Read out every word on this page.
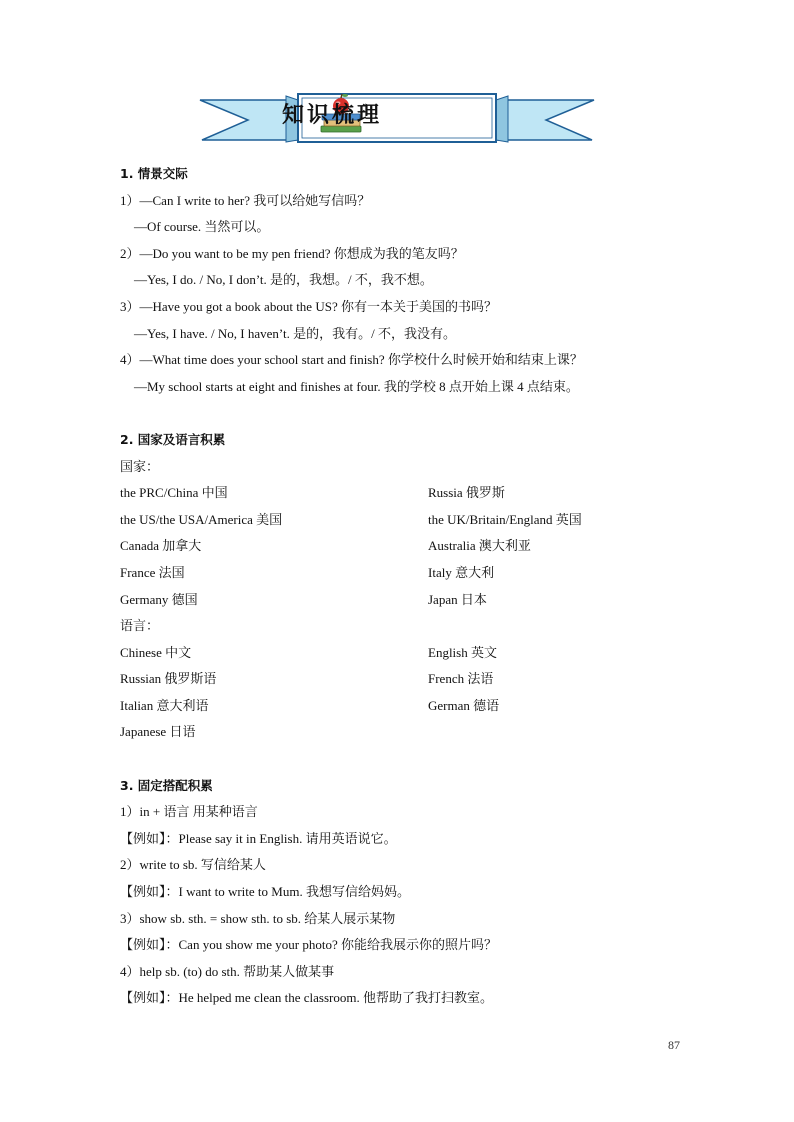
知识梳理
1. 情景交际
1）—Can I write to her? 我可以给她写信吗？
—Of course. 当然可以。
2）—Do you want to be my pen friend? 你想成为我的笔友吗？
—Yes, I do. / No, I don’t. 是的，我想。/ 不，我不想。
3）—Have you got a book about the US? 你有一本关于美国的书吗？
—Yes, I have. / No, I haven’t. 是的，我有。/ 不，我没有。
4）—What time does your school start and finish? 你学校什么时候开始和结束上课？
—My school starts at eight and finishes at four. 我的学校 8 点开始上课 4 点结束。
2. 国家及语言积累
国家：
the PRC/China 中国	Russia 俄罗斯
the US/the USA/America 美国	the UK/Britain/England 英国
Canada 加拿大	Australia 澳大利亚
France 法国	Italy 意大利
Germany 德国	Japan 日本
语言：
Chinese 中文	English 英文
Russian 俄罗斯语	French 法语
Italian 意大利语	German 德语
Japanese 日语
3. 固定搭配积累
1）in + 语言 用某种语言
【例如】：Please say it in English. 请用英语说它。
2）write to sb. 写信给某人
【例如】：I want to write to Mum. 我想写信给妈妈。
3）show sb. sth. = show sth. to sb. 给某人展示某物
【例如】：Can you show me your photo? 你能给我展示你的照片吗？
4）help sb. (to) do sth. 帮助某人做某事
【例如】：He helped me clean the classroom. 他帮助了我打扫教室。
87
